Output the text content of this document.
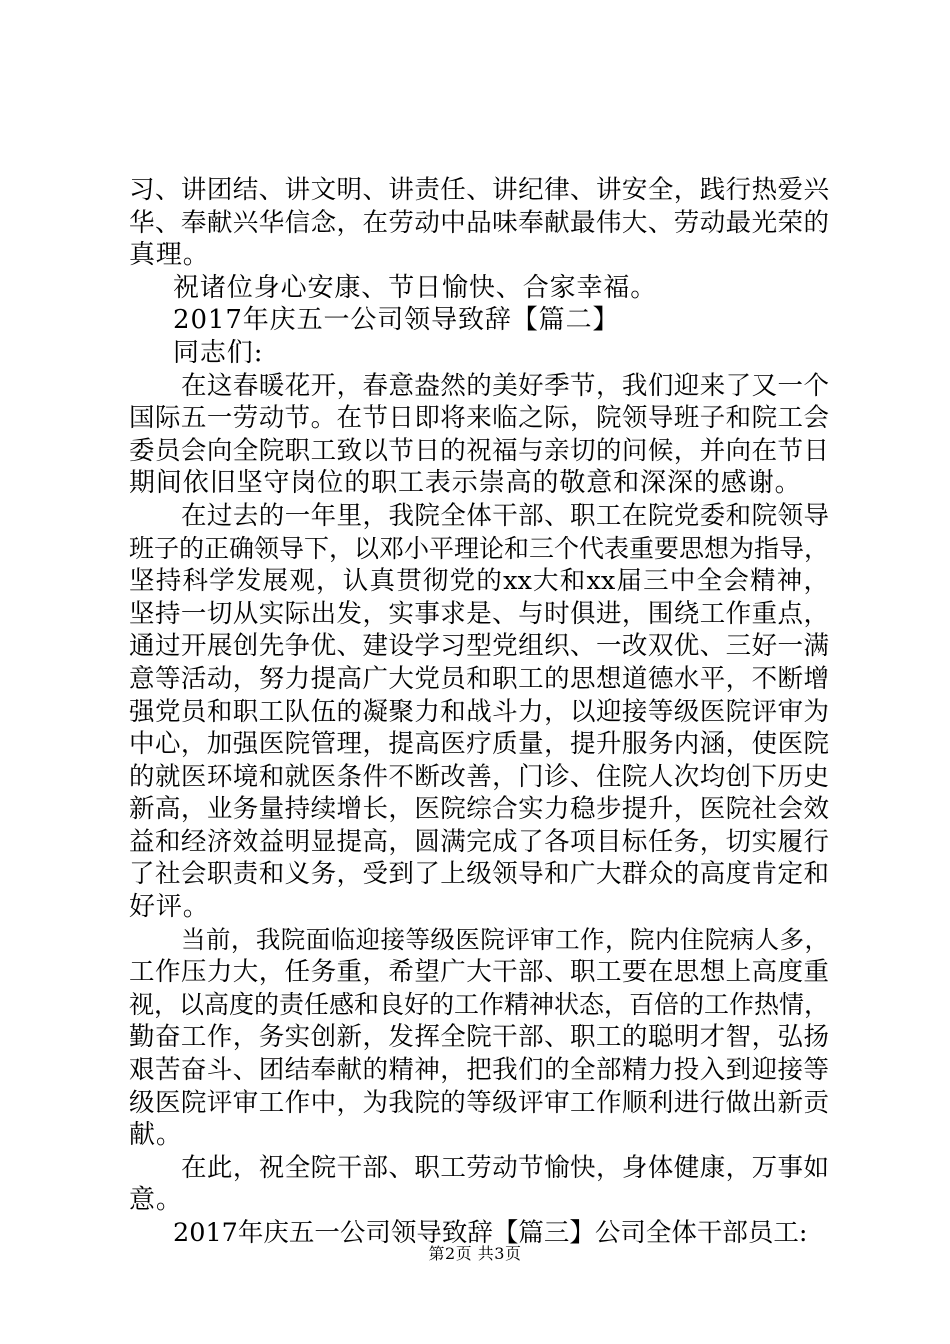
习、讲团结、讲文明、讲责任、讲纪律、讲安全，践行热爱兴
华、奉献兴华信念，在劳动中品味奉献最伟大、劳动最光荣的
真理。
祝诸位身心安康、节日愉快、合家幸福。
2017年庆五一公司领导致辞【篇二】
同志们:
在这春暖花开，春意盎然的美好季节，我们迎来了又一个
国际五一劳动节。在节日即将来临之际，院领导班子和院工会
委员会向全院职工致以节日的祝福与亲切的问候，并向在节日
期间依旧坚守岗位的职工表示崇高的敬意和深深的感谢。
在过去的一年里，我院全体干部、职工在院党委和院领导
班子的正确领导下，以邓小平理论和三个代表重要思想为指导，
坚持科学发展观，认真贯彻党的xx大和xx届三中全会精神，
坚持一切从实际出发，实事求是、与时俱进，围绕工作重点，
通过开展创先争优、建设学习型党组织、一改双优、三好一满
意等活动，努力提高广大党员和职工的思想道德水平，不断增
强党员和职工队伍的凝聚力和战斗力，以迎接等级医院评审为
中心，加强医院管理，提高医疗质量，提升服务内涵，使医院
的就医环境和就医条件不断改善，门诊、住院人次均创下历史
新高，业务量持续增长，医院综合实力稳步提升，医院社会效
益和经济效益明显提高，圆满完成了各项目标任务，切实履行
了社会职责和义务，受到了上级领导和广大群众的高度肯定和
好评。
当前，我院面临迎接等级医院评审工作，院内住院病人多，
工作压力大，任务重，希望广大干部、职工要在思想上高度重
视，以高度的责任感和良好的工作精神状态，百倍的工作热情，
勤奋工作，务实创新，发挥全院干部、职工的聪明才智，弘扬
艰苦奋斗、团结奉献的精神，把我们的全部精力投入到迎接等
级医院评审工作中，为我院的等级评审工作顺利进行做出新贡
献。
在此，祝全院干部、职工劳动节愉快，身体健康，万事如
意。
2017年庆五一公司领导致辞【篇三】公司全体干部员工:
第2页 共3页
